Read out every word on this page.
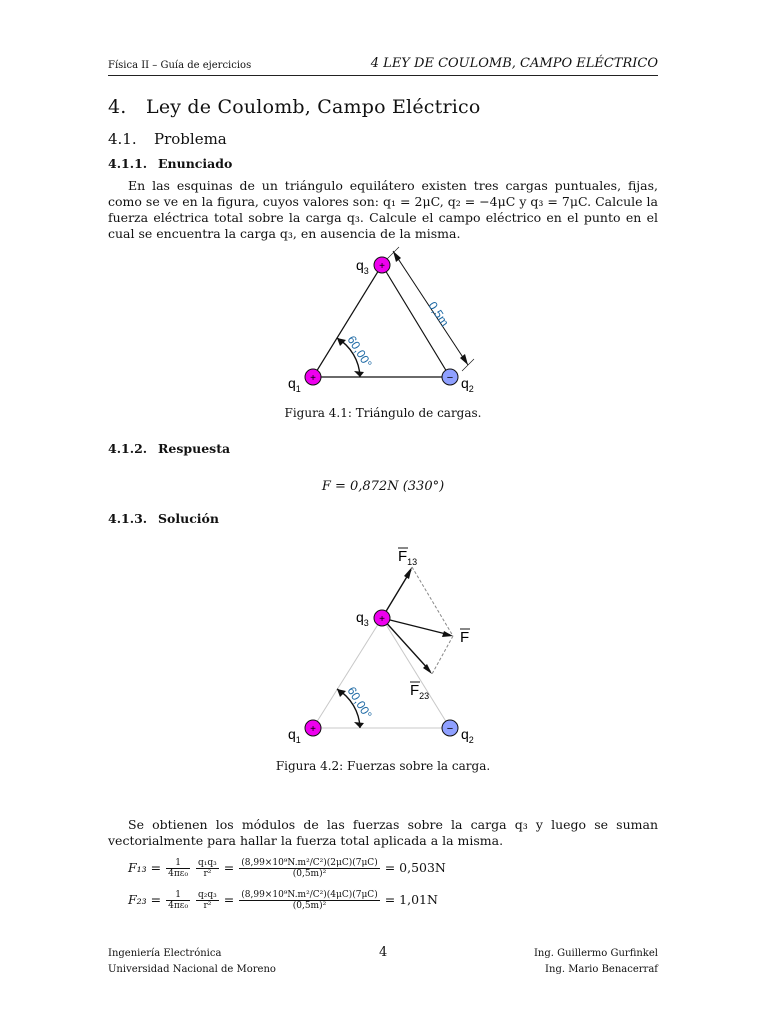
Física II – Guía de ejercicios	4 LEY DE COULOMB, CAMPO ELÉCTRICO
4. Ley de Coulomb, Campo Eléctrico
4.1. Problema
4.1.1. Enunciado

En las esquinas de un triángulo equilátero existen tres cargas puntuales, fijas, como se ve en la figura, cuyos valores son: q₁ = 2μC, q₂ = −4μC y q₃ = 7μC. Calcule la fuerza eléctrica total sobre la carga q₃. Calcule el campo eléctrico en el punto en el cual se encuentra la carga q₃, en ausencia de la misma.

0,5m
60,00°
+
+	−
$q_3$
$q_1$	$q_2$
Figura 4.1: Triángulo de cargas.
4.1.2. Respuesta
F = 0,872N (330°)
4.1.3. Solución
60,00°
+
+	−
$F_{13}$
F
$F_{23}$
$q_3$
$q_1$	$q_2$
Figura 4.2: Fuerzas sobre la carga.

Se obtienen los módulos de las fuerzas sobre la carga q₃ y luego se suman vectorialmente para hallar la fuerza total aplicada a la misma.

$F_{13} = \frac{1}{\text{4πε₀}}$
$\frac{\text{q₁q₃}}{\text{r²}} = \frac{\text{(8,99×10⁹N.m²/C²)(2μC)(7μC)}}{\text{(0,5m)²}} = 0,503N$
$F_{23} = \frac{1}{\text{4πε₀}}$
$\frac{\text{q₂q₃}}{\text{r²}} = \frac{\text{(8,99×10⁹N.m²/C²)(4μC)(7μC)}}{\text{(0,5m)²}} = 1,01N$
Ingeniería Electrónica
Universidad Nacional de Moreno
4	Ing. Guillermo Gurfinkel
Ing. Mario Benacerraf
